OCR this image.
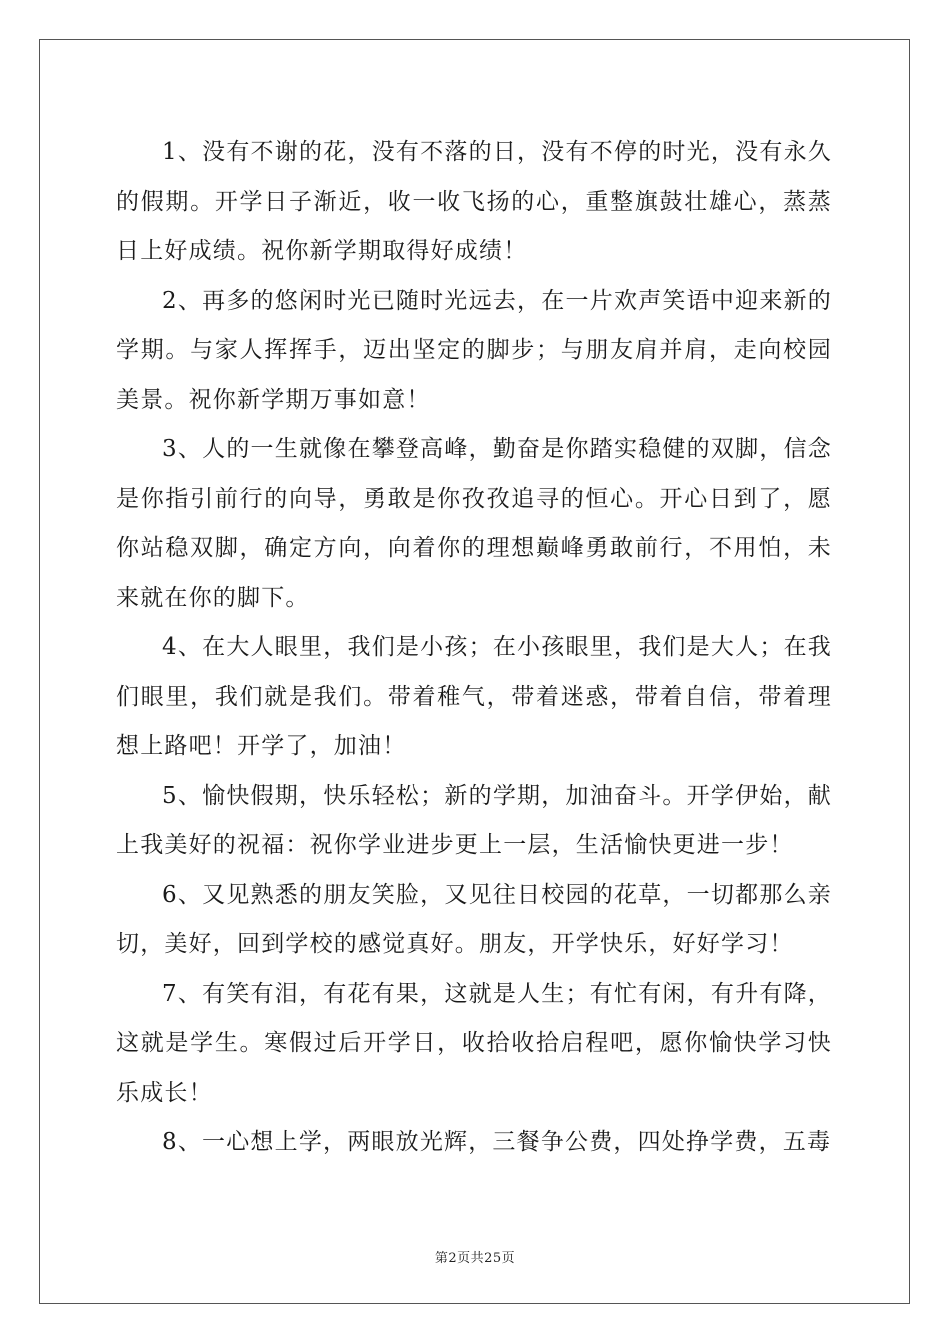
1、没有不谢的花，没有不落的日，没有不停的时光，没有永久的假期。开学日子渐近，收一收飞扬的心，重整旗鼓壮雄心，蒸蒸日上好成绩。祝你新学期取得好成绩！

2、再多的悠闲时光已随时光远去，在一片欢声笑语中迎来新的学期。与家人挥挥手，迈出坚定的脚步；与朋友肩并肩，走向校园美景。祝你新学期万事如意！

3、人的一生就像在攀登高峰，勤奋是你踏实稳健的双脚，信念是你指引前行的向导，勇敢是你孜孜追寻的恒心。开心日到了，愿你站稳双脚，确定方向，向着你的理想巅峰勇敢前行，不用怕，未来就在你的脚下。

4、在大人眼里，我们是小孩；在小孩眼里，我们是大人；在我们眼里，我们就是我们。带着稚气，带着迷惑，带着自信，带着理想上路吧！开学了，加油！

5、愉快假期，快乐轻松；新的学期，加油奋斗。开学伊始，献上我美好的祝福：祝你学业进步更上一层，生活愉快更进一步！

6、又见熟悉的朋友笑脸，又见往日校园的花草，一切都那么亲切，美好，回到学校的感觉真好。朋友，开学快乐，好好学习！

7、有笑有泪，有花有果，这就是人生；有忙有闲，有升有降，这就是学生。寒假过后开学日，收拾收拾启程吧，愿你愉快学习快乐成长！

8、一心想上学，两眼放光辉，三餐争公费，四处挣学费，五毒

第2页共25页
